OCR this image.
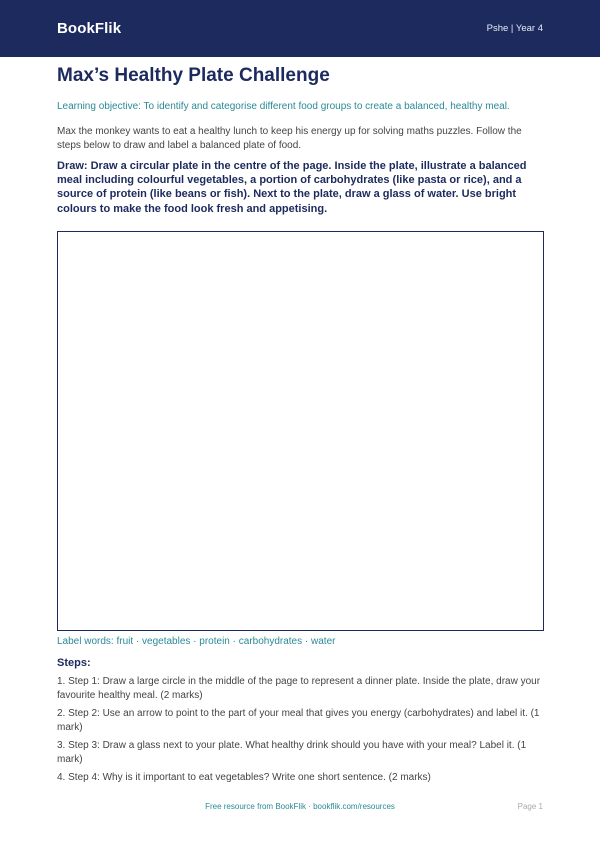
BookFlik	Pshe | Year 4
Max’s Healthy Plate Challenge

Learning objective: To identify and categorise different food groups to create a balanced, healthy meal.

Max the monkey wants to eat a healthy lunch to keep his energy up for solving maths puzzles. Follow the steps below to draw and label a balanced plate of food.

Draw: Draw a circular plate in the centre of the page. Inside the plate, illustrate a balanced meal including colourful vegetables, a portion of carbohydrates (like pasta or rice), and a source of protein (like beans or fish). Next to the plate, draw a glass of water. Use bright colours to make the food look fresh and appetising.

Label words: fruit · vegetables · protein · carbohydrates · water

Steps:
1. Step 1: Draw a large circle in the middle of the page to represent a dinner plate. Inside the plate, draw your favourite healthy meal. (2 marks)
2. Step 2: Use an arrow to point to the part of your meal that gives you energy (carbohydrates) and label it. (1 mark)
3. Step 3: Draw a glass next to your plate. What healthy drink should you have with your meal? Label it. (1 mark)
4. Step 4: Why is it important to eat vegetables? Write one short sentence. (2 marks)
Free resource from BookFlik · bookflik.com/resources	Page 1
